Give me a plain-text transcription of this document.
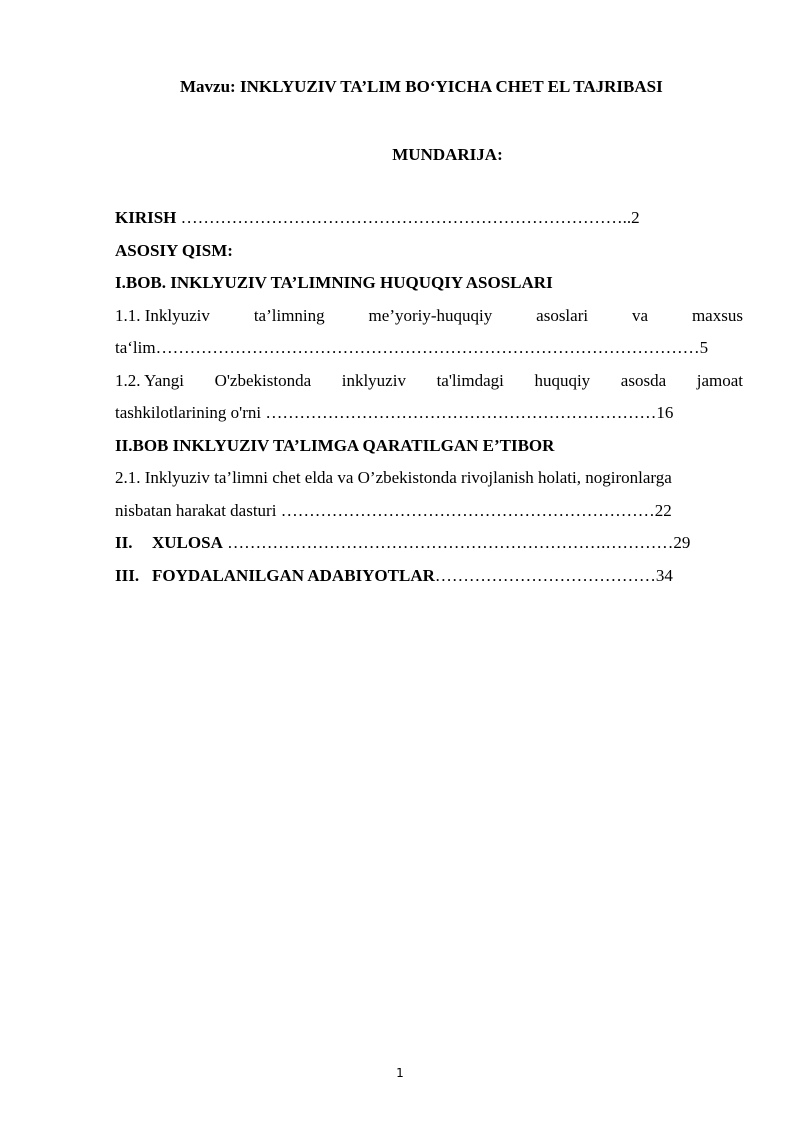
Mavzu: INKLYUZIV TA’LIM BO‘YICHA CHET EL TAJRIBASI
MUNDARIJA:
KIRISH ……………………………………………………………………..2
ASOSIY QISM:
I.BOB. INKLYUZIV TA’LIMNING HUQUQIY ASOSLARI
1.1. Inklyuziv	ta’limning	me’yoriy-huquqiy	asoslari	va	maxsus
ta‘lim……………………………………………………………………………………5
1.2. Yangi O'zbekistonda inklyuziv ta'limdagi huquqiy asosda jamoat
tashkilotlarining o'rni ……………………………………………………………16
II.BOB INKLYUZIV TA’LIMGA QARATILGAN E’TIBOR
2.1. Inklyuziv ta’limni chet elda va O’zbekistonda rivojlanish holati, nogironlarga
nisbatan harakat dasturi …………………………………………………………22
II. XULOSA ………………………………………………………….…………29
III. FOYDALANILGAN ADABIYOTLAR…………………………………34
1
